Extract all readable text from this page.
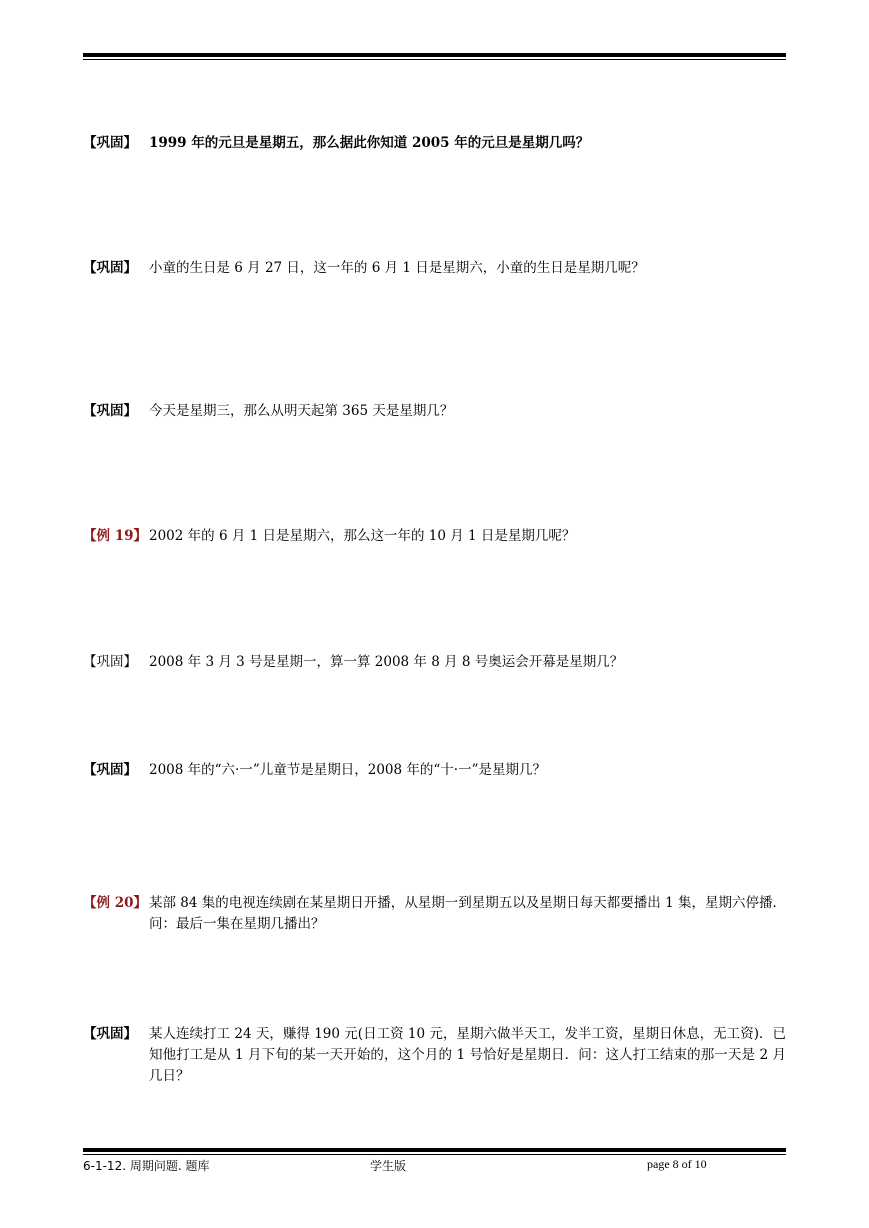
【巩固】 1999 年的元旦是星期五，那么据此你知道 2005 年的元旦是星期几吗？
【巩固】 小童的生日是 6 月 27 日，这一年的 6 月 1 日是星期六，小童的生日是星期几呢？
【巩固】 今天是星期三，那么从明天起第 365 天是星期几？
【例 19】 2002 年的 6 月 1 日是星期六，那么这一年的 10 月 1 日是星期几呢？
【巩固】 2008 年 3 月 3 号是星期一，算一算 2008 年 8 月 8 号奥运会开幕是星期几？
【巩固】 2008 年的“六·一”儿童节是星期日，2008 年的“十·一”是星期几？
【例 20】 某部 84 集的电视连续剧在某星期日开播，从星期一到星期五以及星期日每天都要播出 1 集，星期六停播．问：最后一集在星期几播出？
【巩固】 某人连续打工 24 天，赚得 190 元(日工资 10 元，星期六做半天工，发半工资，星期日休息，无工资)．已知他打工是从 1 月下旬的某一天开始的，这个月的 1 号恰好是星期日．问：这人打工结束的那一天是 2 月几日？
6-1-12. 周期问题. 题库	学生版	page 8 of 10
